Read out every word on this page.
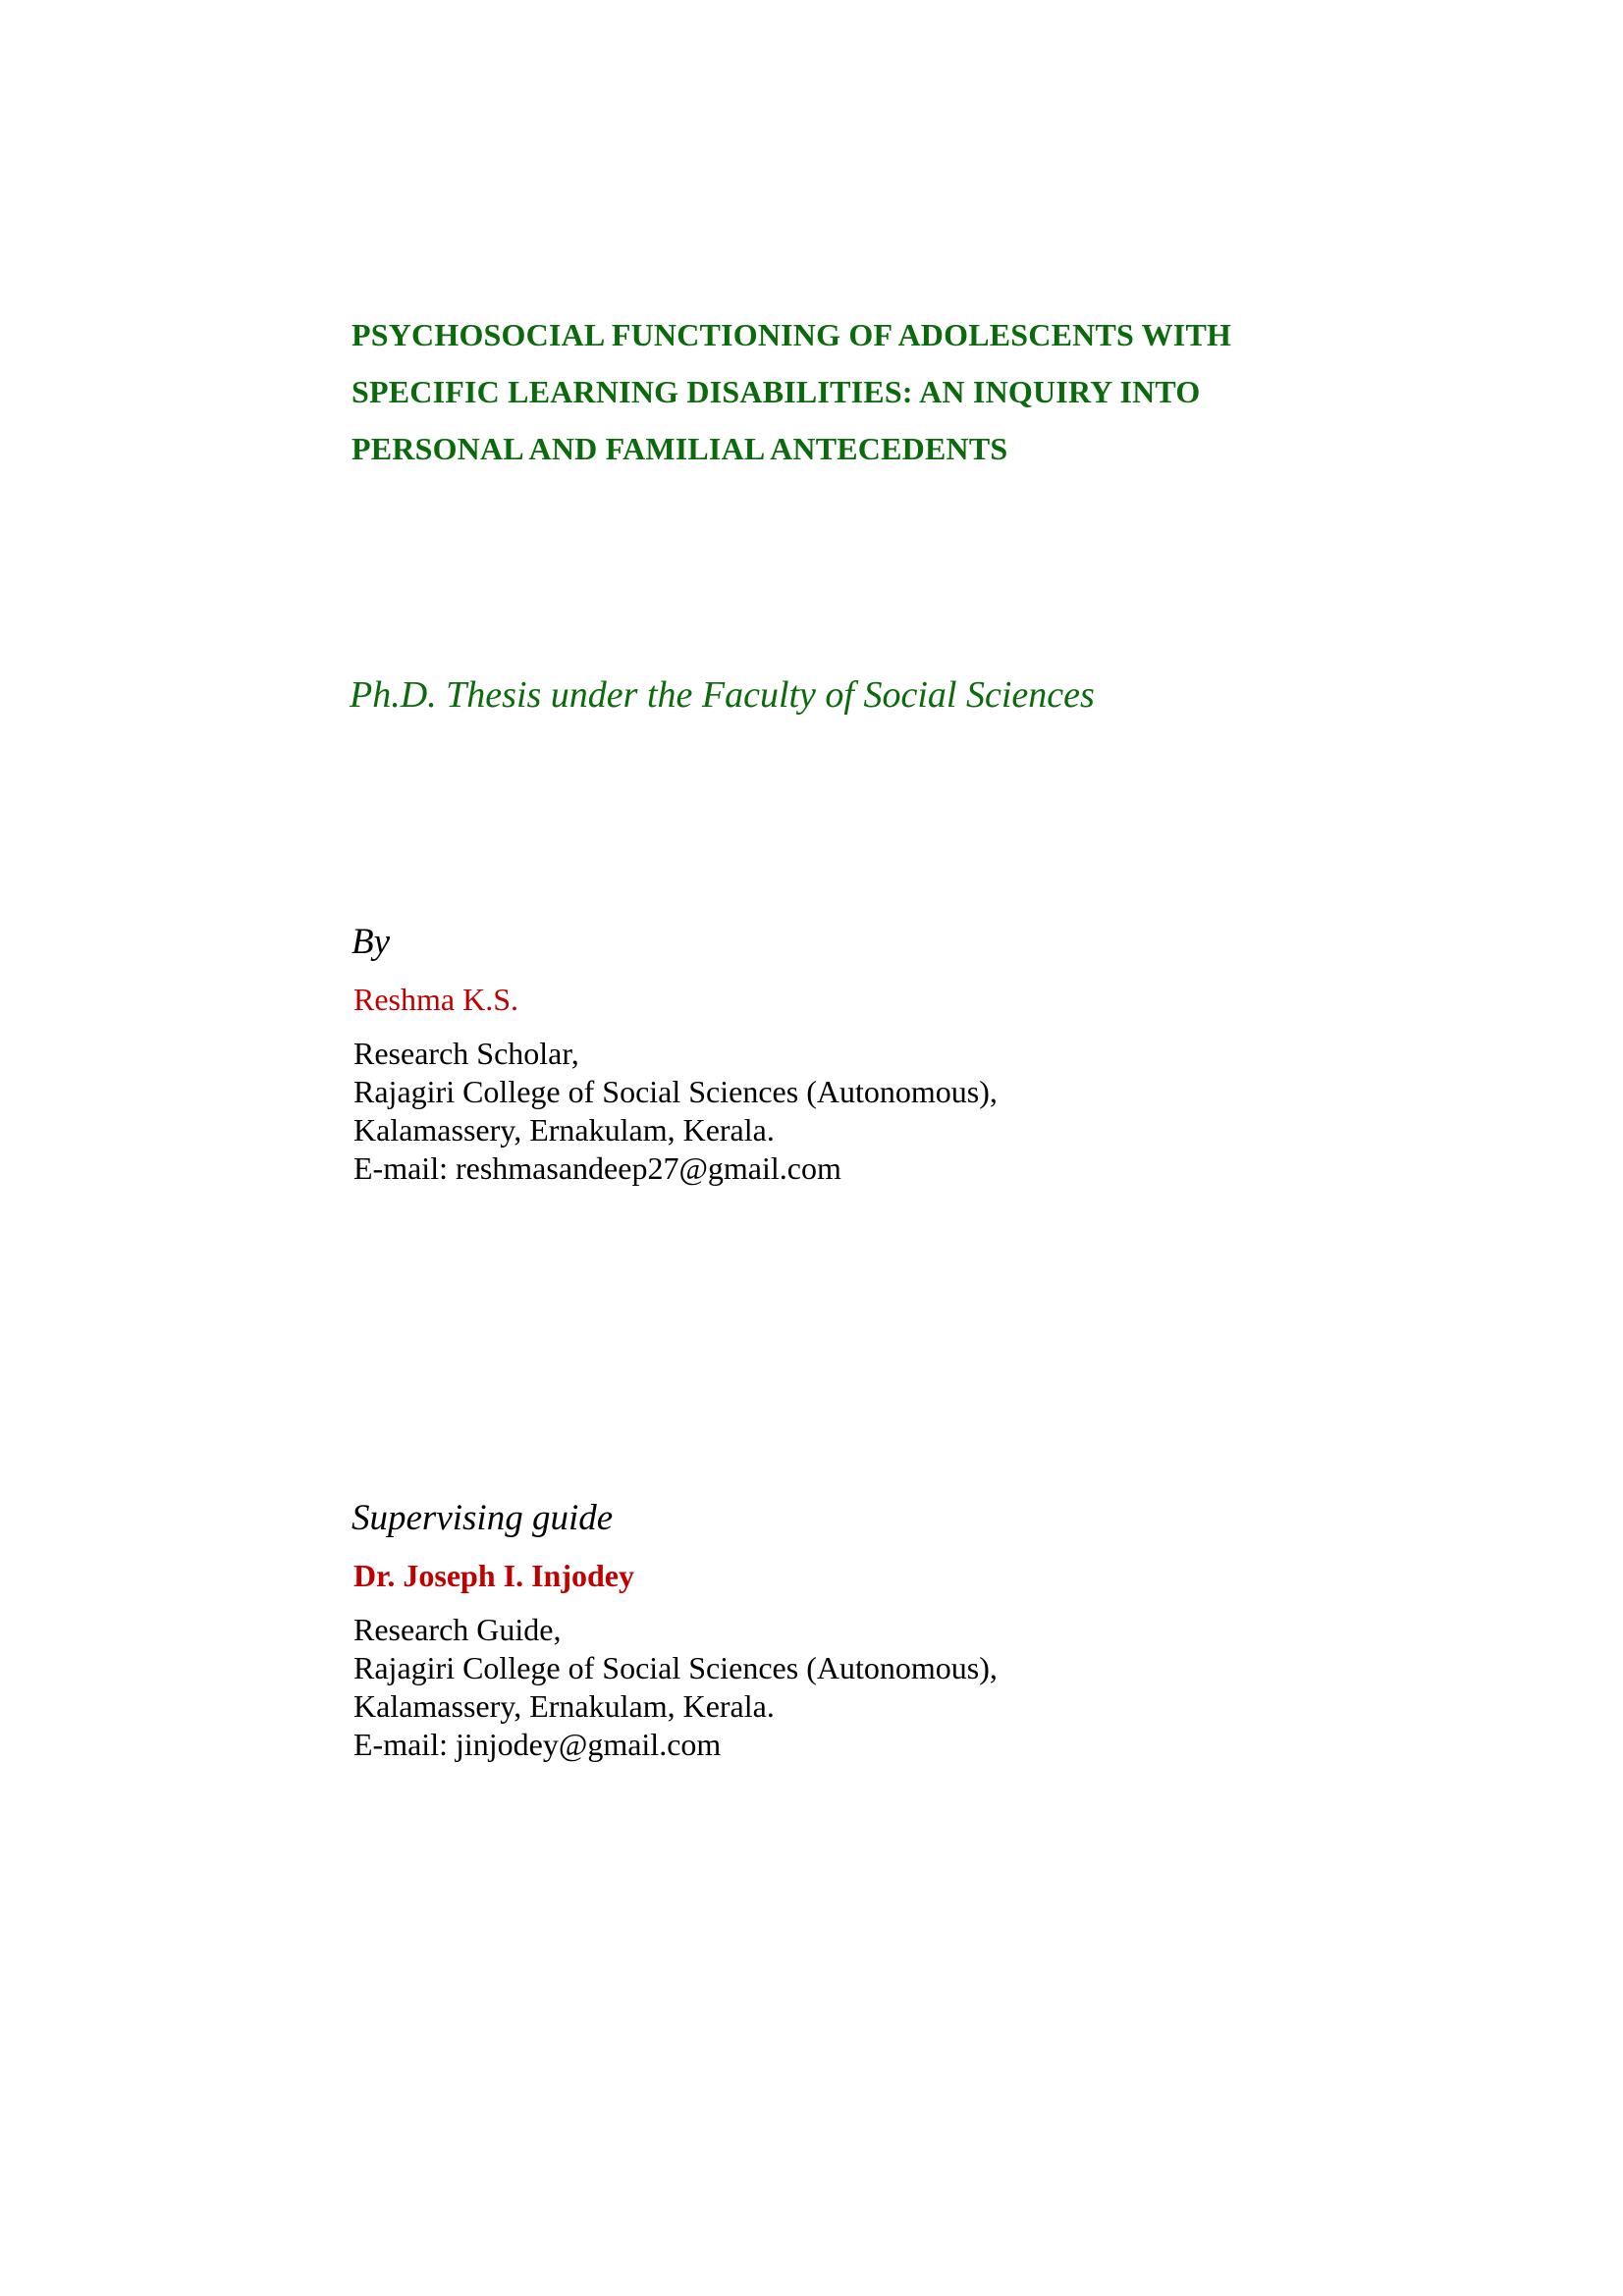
PSYCHOSOCIAL FUNCTIONING OF ADOLESCENTS WITH
SPECIFIC LEARNING DISABILITIES: AN INQUIRY INTO
PERSONAL AND FAMILIAL ANTECEDENTS
Ph.D. Thesis under the Faculty of Social Sciences
By
Reshma K.S.
Research Scholar,
Rajagiri College of Social Sciences (Autonomous),
Kalamassery, Ernakulam, Kerala.
E-mail: reshmasandeep27@gmail.com
Supervising guide
Dr. Joseph I. Injodey
Research Guide,
Rajagiri College of Social Sciences (Autonomous),
Kalamassery, Ernakulam, Kerala.
E-mail: jinjodey@gmail.com
